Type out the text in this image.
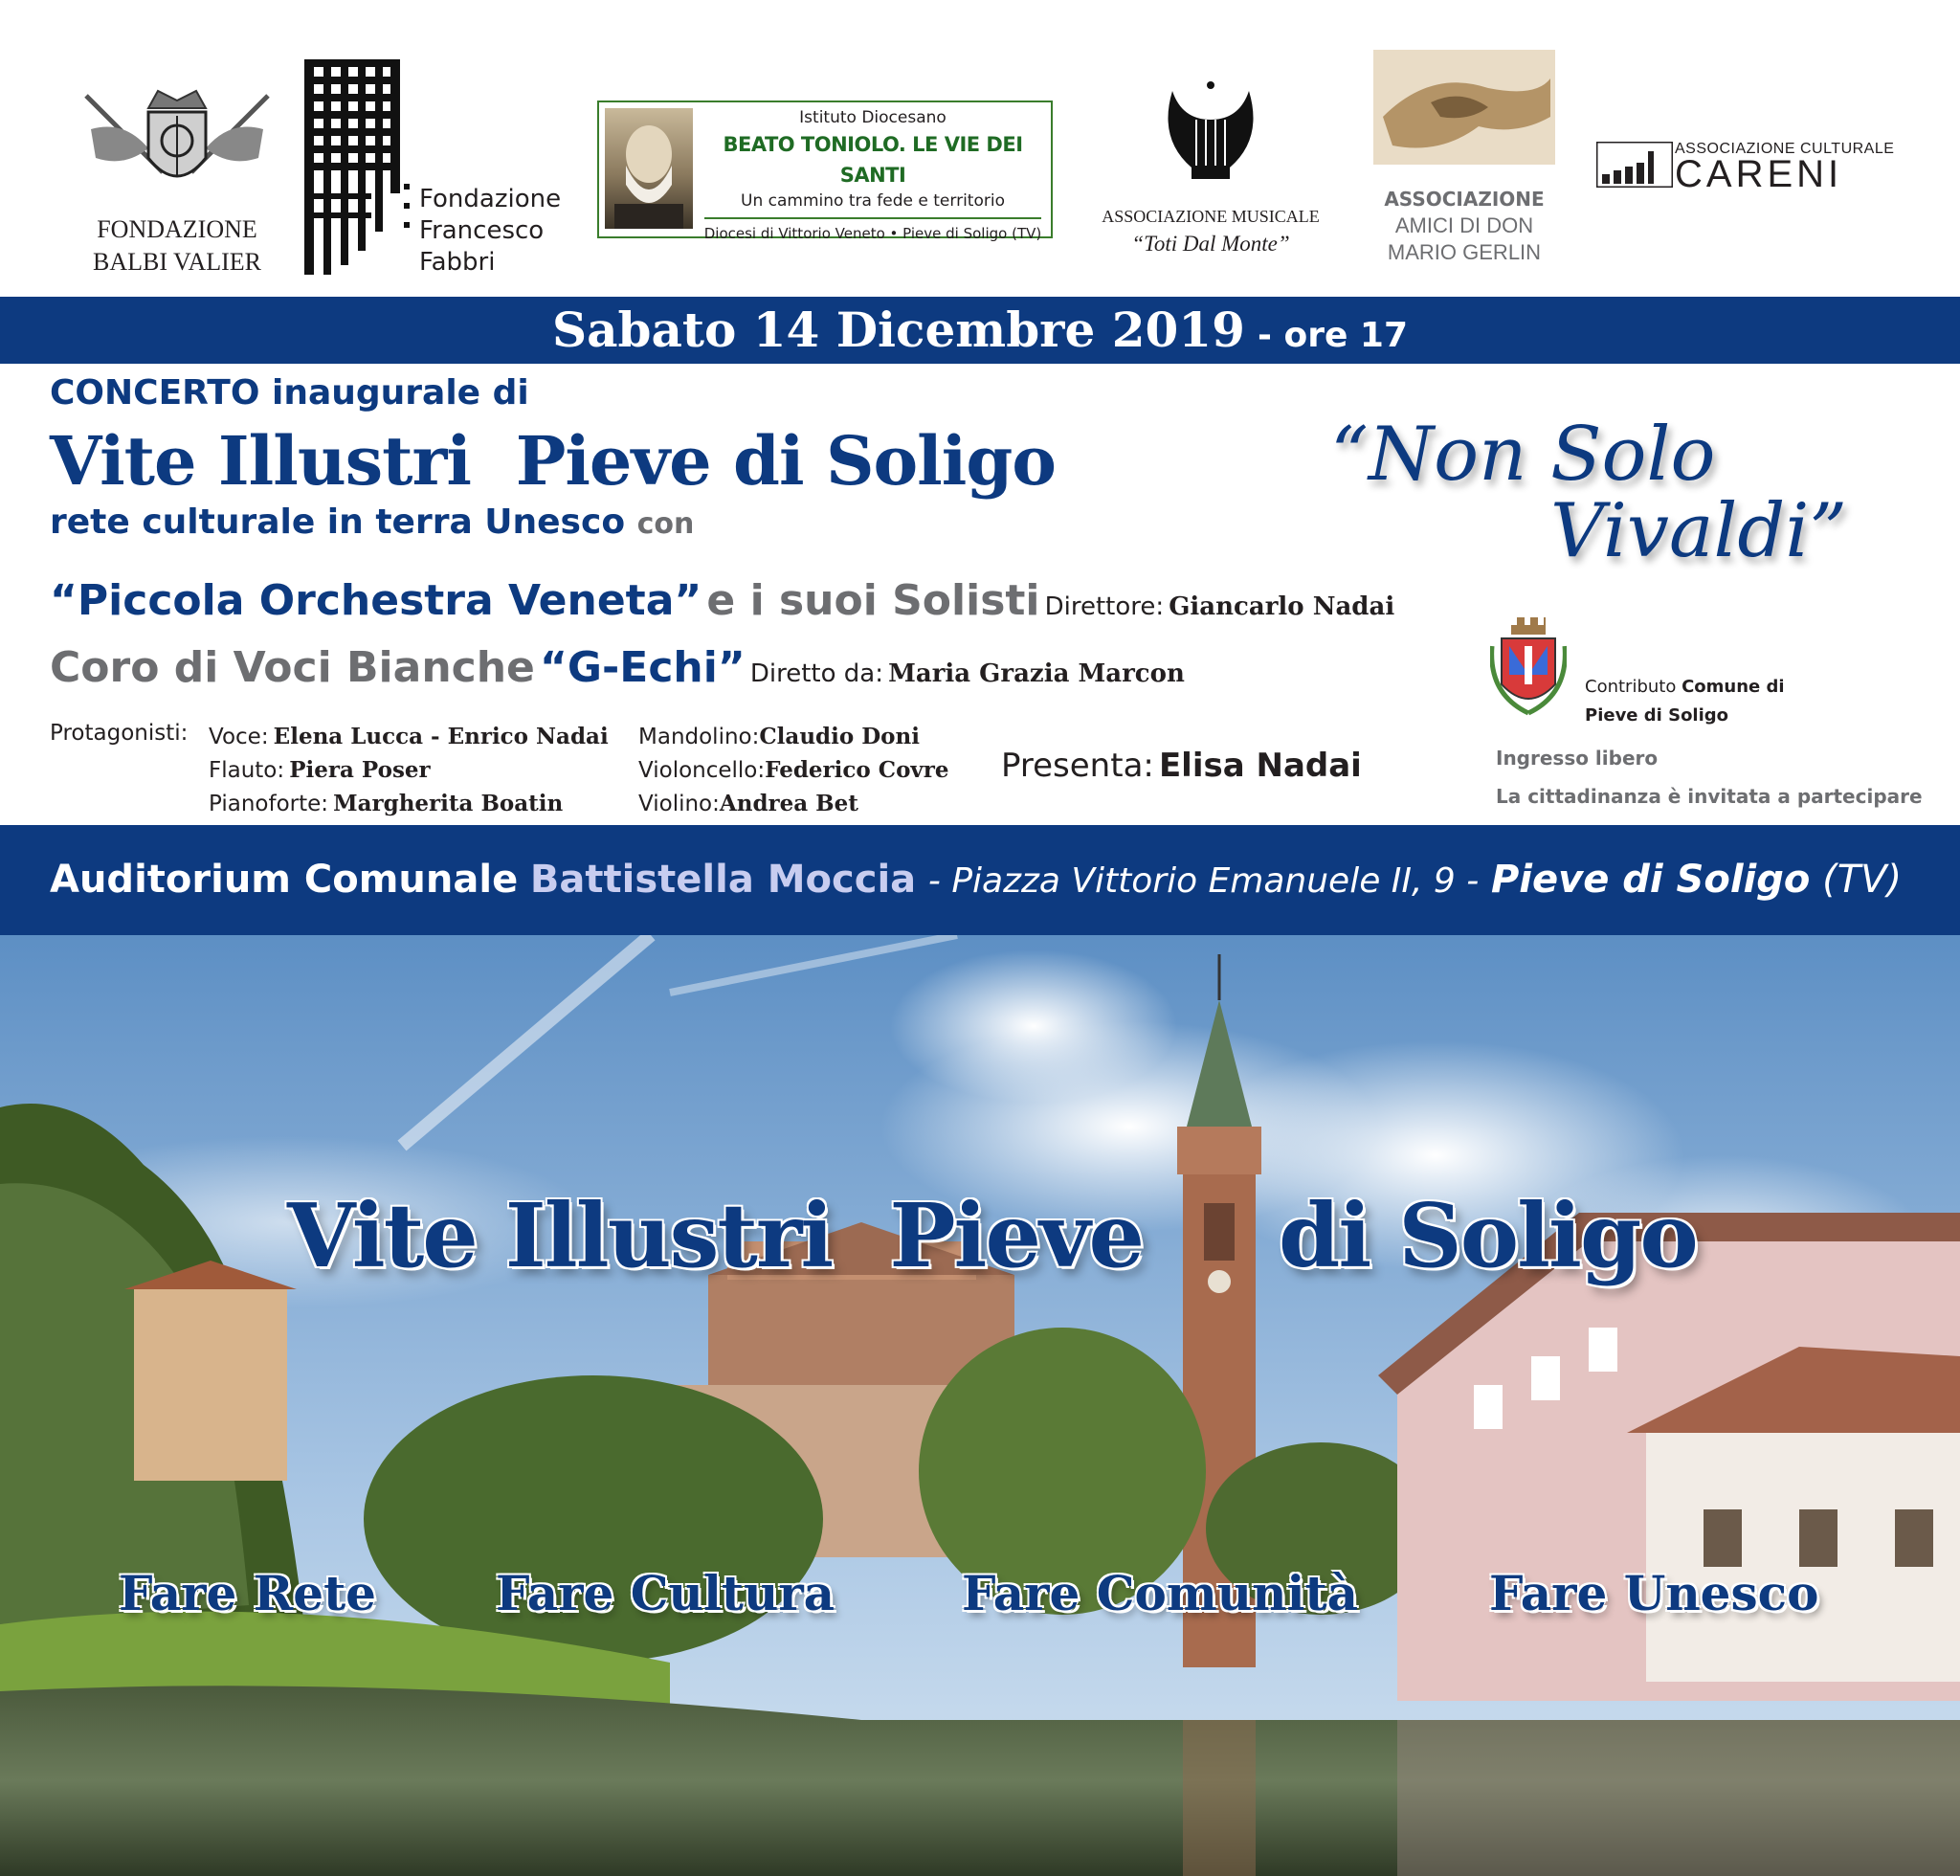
FONDAZIONE
BALBI VALIER
Fondazione
Francesco
Fabbri
Istituto Diocesano
BEATO TONIOLO. LE VIE DEI SANTI
Un cammino tra fede e territorio
Diocesi di Vittorio Veneto • Pieve di Soligo (TV)
ASSOCIAZIONE MUSICALE
“Toti Dal Monte”
ASSOCIAZIONE
AMICI DI DON
MARIO GERLIN
ASSOCIAZIONE CULTURALE
CARENI
Sabato 14 Dicembre 2019 - ore 17
CONCERTO inaugurale di
Vite Illustri  Pieve di Soligo
rete culturale in terra Unesco con
“Piccola Orchestra Veneta” e i suoi Solisti Direttore: Giancarlo Nadai
Coro di Voci Bianche “G-Echi” Diretto da: Maria Grazia Marcon
“Non Solo
Vivaldi”
Contributo Comune di
Pieve di Soligo
Protagonisti: Voce: Elena Lucca - Enrico Nadai
Flauto: Piera Poser
Pianoforte: Margherita Boatin
Mandolino:Claudio Doni
Violoncello:Federico Covre
Violino:Andrea Bet
Presenta: Elisa Nadai	Ingresso libero
La cittadinanza è invitata a partecipare
Auditorium Comunale Battistella Moccia - Piazza Vittorio Emanuele II, 9 - Pieve di Soligo (TV)
Vite Illustri  Pieve di Soligo
Fare Rete	Fare Cultura	Fare Comunità	Fare Unesco
